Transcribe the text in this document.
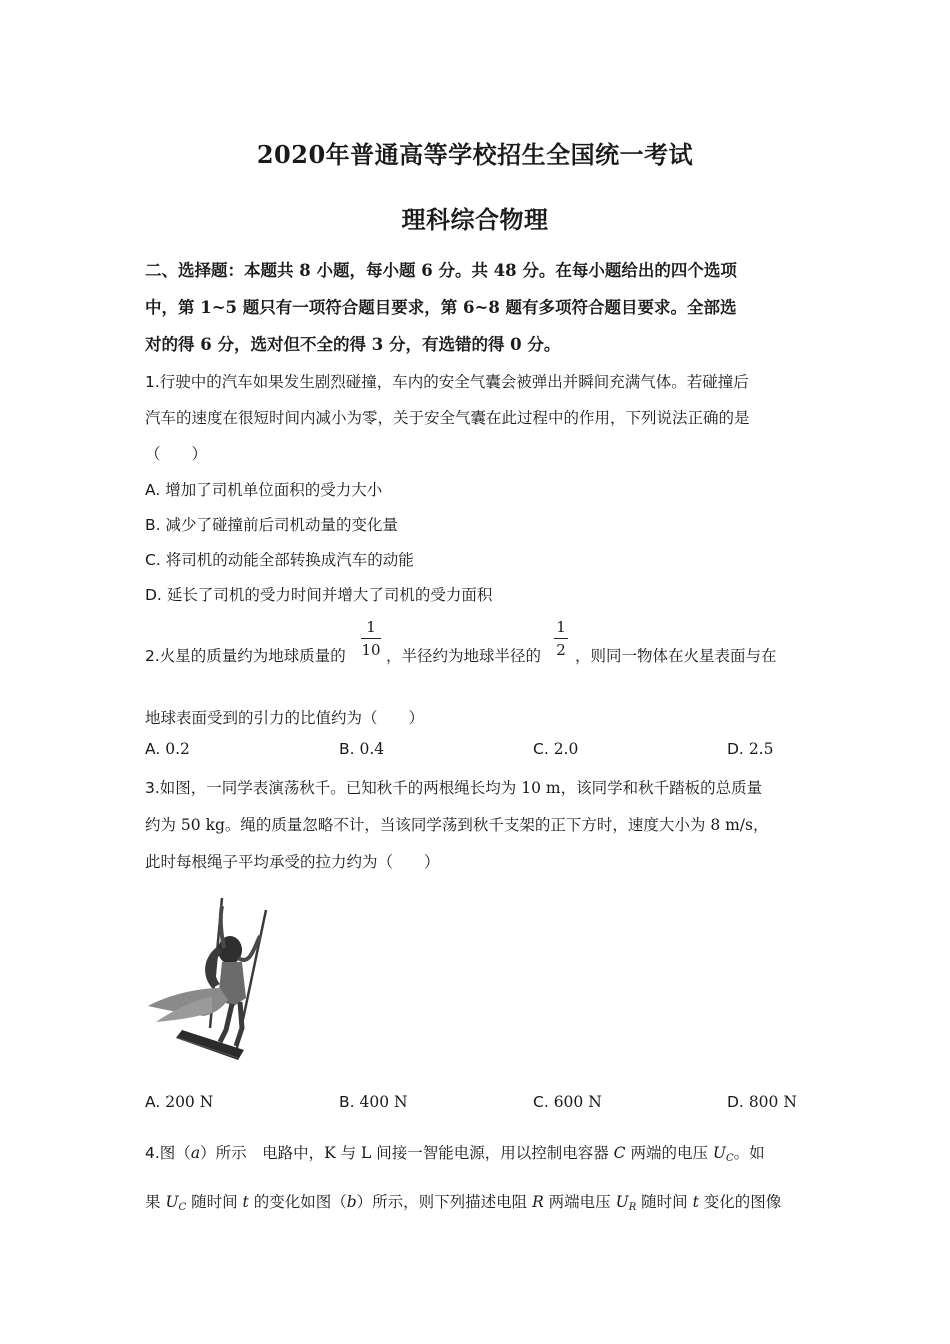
2020年普通高等学校招生全国统一考试
理科综合物理
二、选择题：本题共 8 小题，每小题 6 分。共 48 分。在每小题给出的四个选项
中，第 1~5 题只有一项符合题目要求，第 6~8 题有多项符合题目要求。全部选
对的得 6 分，选对但不全的得 3 分，有选错的得 0 分。
1.行驶中的汽车如果发生剧烈碰撞，车内的安全气囊会被弹出并瞬间充满气体。若碰撞后
汽车的速度在很短时间内减小为零，关于安全气囊在此过程中的作用，下列说法正确的是
（　　）
A. 增加了司机单位面积的受力大小
B. 减少了碰撞前后司机动量的变化量
C. 将司机的动能全部转换成汽车的动能
D. 延长了司机的受力时间并增大了司机的受力面积
2.火星的质量约为地球质量的
1
10 ，半径约为地球半径的
1
2 ，则同一物体在火星表面与在
地球表面受到的引力的比值约为（　　）
A. 0.2	B. 0.4	C. 2.0	D. 2.5
3.如图，一同学表演荡秋千。已知秋千的两根绳长均为 10 m，该同学和秋千踏板的总质量
约为 50 kg。绳的质量忽略不计，当该同学荡到秋千支架的正下方时，速度大小为 8 m/s，
此时每根绳子平均承受的拉力约为（　　）
A. 200 N	B. 400 N	C. 600 N	D. 800 N
4.图（a）所示　电路中，K 与 L 间接一智能电源，用以控制电容器 C 两端的电压 $U_C$。如
果 $U_C$ 随时间 t 的变化如图（b）所示，则下列描述电阻 R 两端电压 $U_R$ 随时间 t 变化的图像
